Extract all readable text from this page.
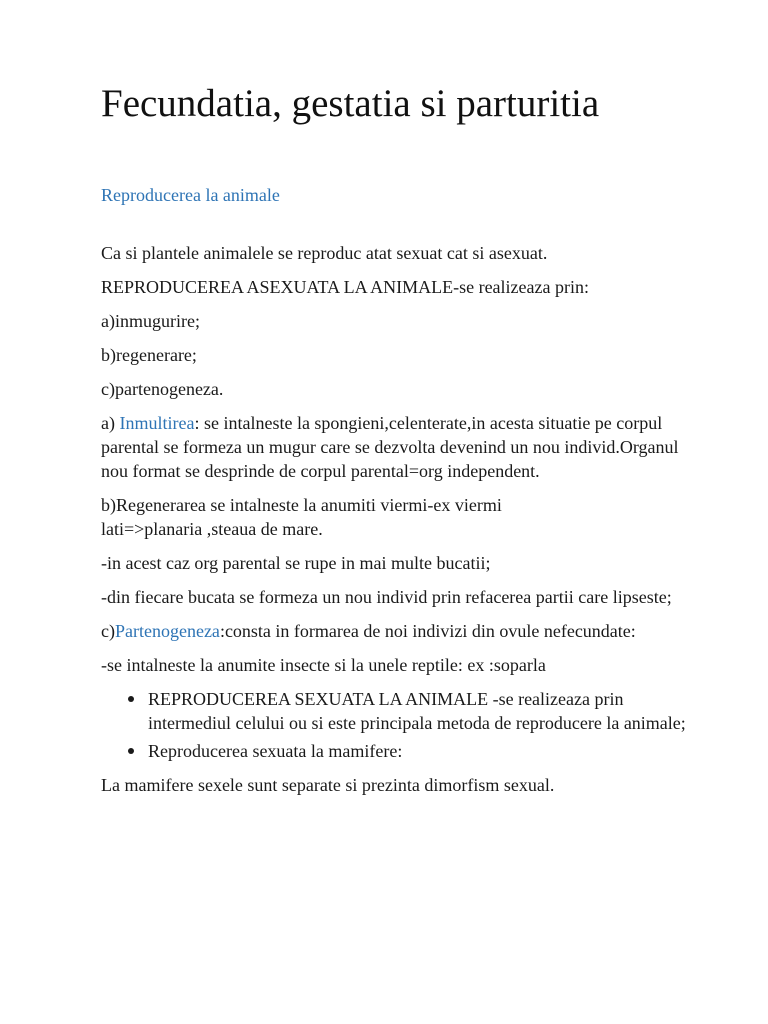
Fecundatia, gestatia si parturitia
Reproducerea la animale

Ca si plantele animalele se reproduc atat sexuat cat si asexuat.

REPRODUCEREA ASEXUATA LA ANIMALE-se realizeaza prin:

a)inmugurire;

b)regenerare;

c)partenogeneza.

a) Inmultirea: se intalneste la spongieni,celenterate,in acesta situatie pe corpul parental se formeza un mugur care se dezvolta devenind un nou individ.Organul nou format se desprinde de corpul parental=org independent.

b)Regenerarea se intalneste la anumiti viermi-ex viermi
lati=>planaria ,steaua de mare.

-in acest caz org parental se rupe in mai multe bucatii;

-din fiecare bucata se formeza un nou individ prin refacerea partii care lipseste;

c)Partenogeneza:consta in formarea de noi indivizi din ovule nefecundate:

-se intalneste la anumite insecte si la unele reptile: ex :soparla

REPRODUCEREA SEXUATA LA ANIMALE -se realizeaza prin intermediul celului ou si este principala metoda de reproducere la animale;
Reproducerea sexuata la mamifere:

La mamifere sexele sunt separate si prezinta dimorfism sexual.
